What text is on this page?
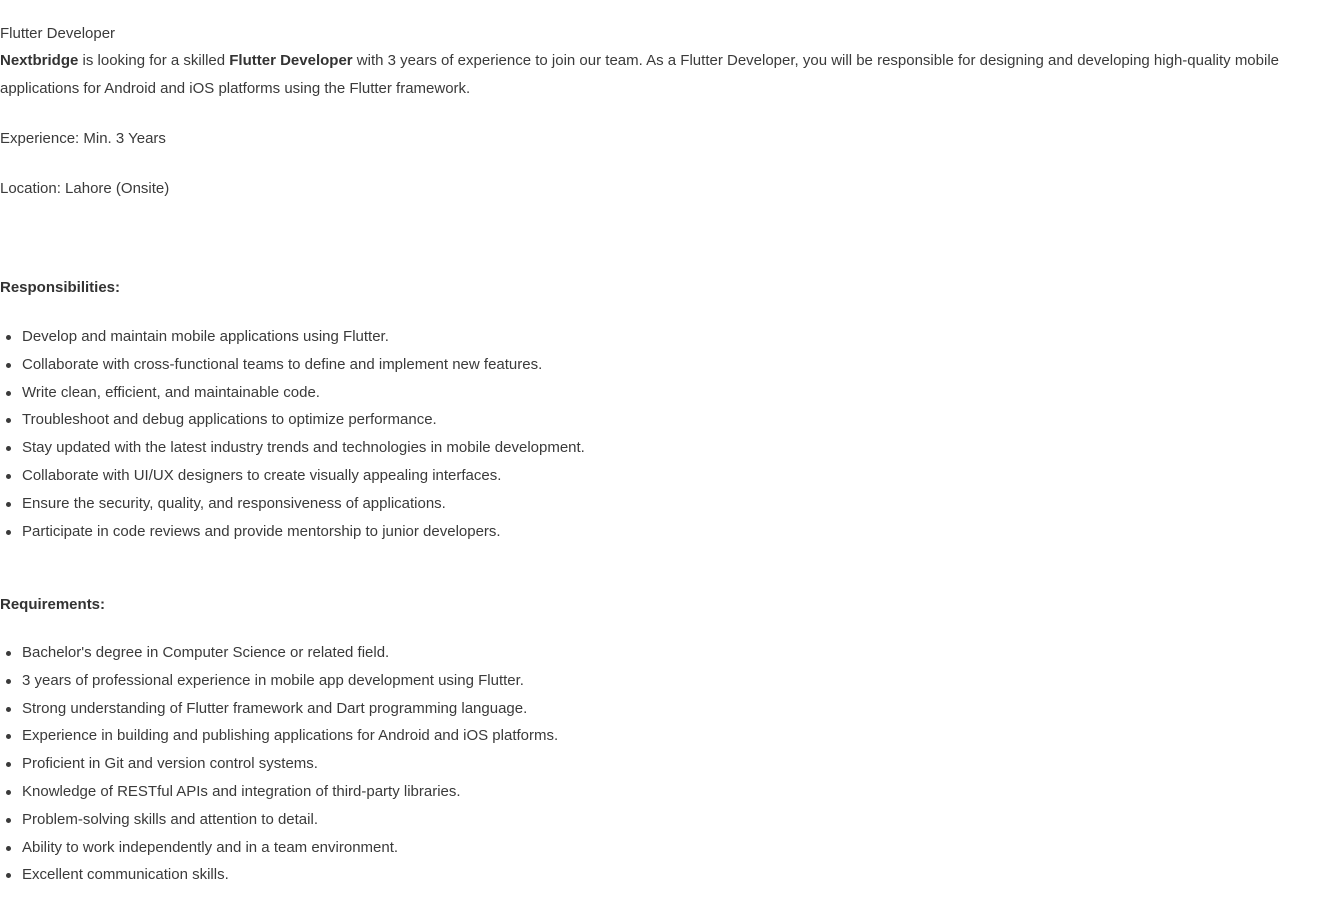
Flutter Developer
Nextbridge is looking for a skilled Flutter Developer with 3 years of experience to join our team. As a Flutter Developer, you will be responsible for designing and developing high-quality mobile applications for Android and iOS platforms using the Flutter framework.
Experience: Min. 3 Years
Location: Lahore (Onsite)
Responsibilities:
Develop and maintain mobile applications using Flutter.
Collaborate with cross-functional teams to define and implement new features.
Write clean, efficient, and maintainable code.
Troubleshoot and debug applications to optimize performance.
Stay updated with the latest industry trends and technologies in mobile development.
Collaborate with UI/UX designers to create visually appealing interfaces.
Ensure the security, quality, and responsiveness of applications.
Participate in code reviews and provide mentorship to junior developers.
Requirements:
Bachelor's degree in Computer Science or related field.
3 years of professional experience in mobile app development using Flutter.
Strong understanding of Flutter framework and Dart programming language.
Experience in building and publishing applications for Android and iOS platforms.
Proficient in Git and version control systems.
Knowledge of RESTful APIs and integration of third-party libraries.
Problem-solving skills and attention to detail.
Ability to work independently and in a team environment.
Excellent communication skills.
